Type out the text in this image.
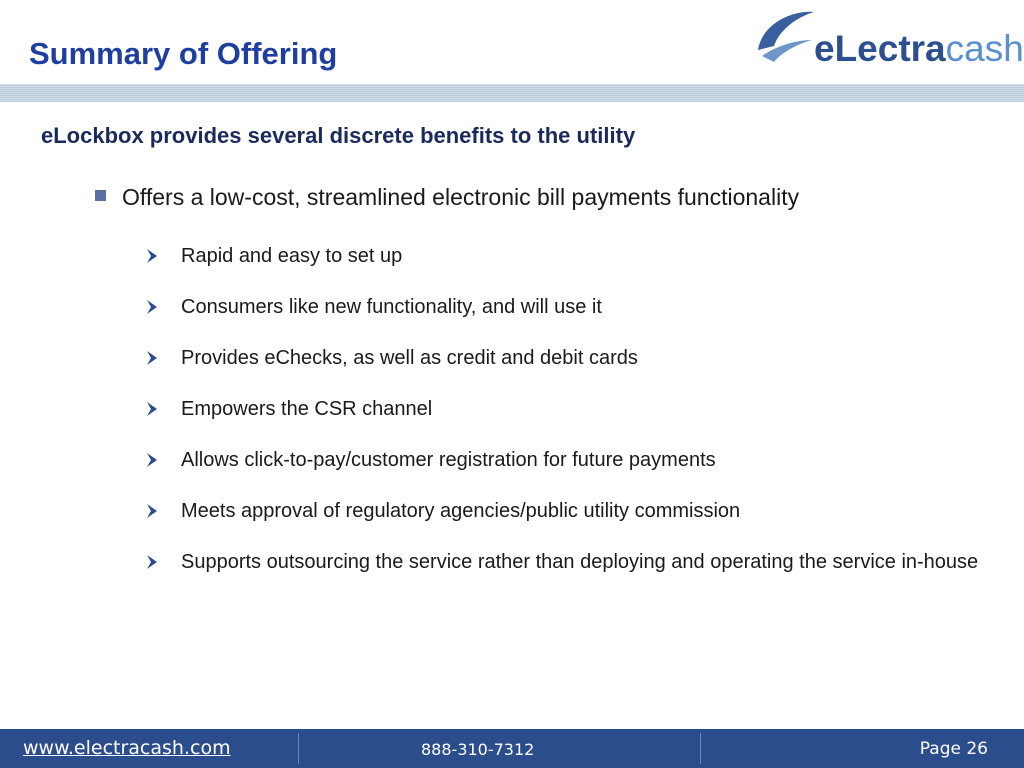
Summary of Offering	eLectracash
eLockbox provides several discrete benefits to the utility
Offers a low-cost, streamlined electronic bill payments functionality
Rapid and easy to set up
Consumers like new functionality, and will use it
Provides eChecks, as well as credit and debit cards
Empowers the CSR channel
Allows click-to-pay/customer registration for future payments
Meets approval of regulatory agencies/public utility commission
Supports outsourcing the service rather than deploying and operating the service in-house
www.electracash.com	888-310-7312	Page 26
